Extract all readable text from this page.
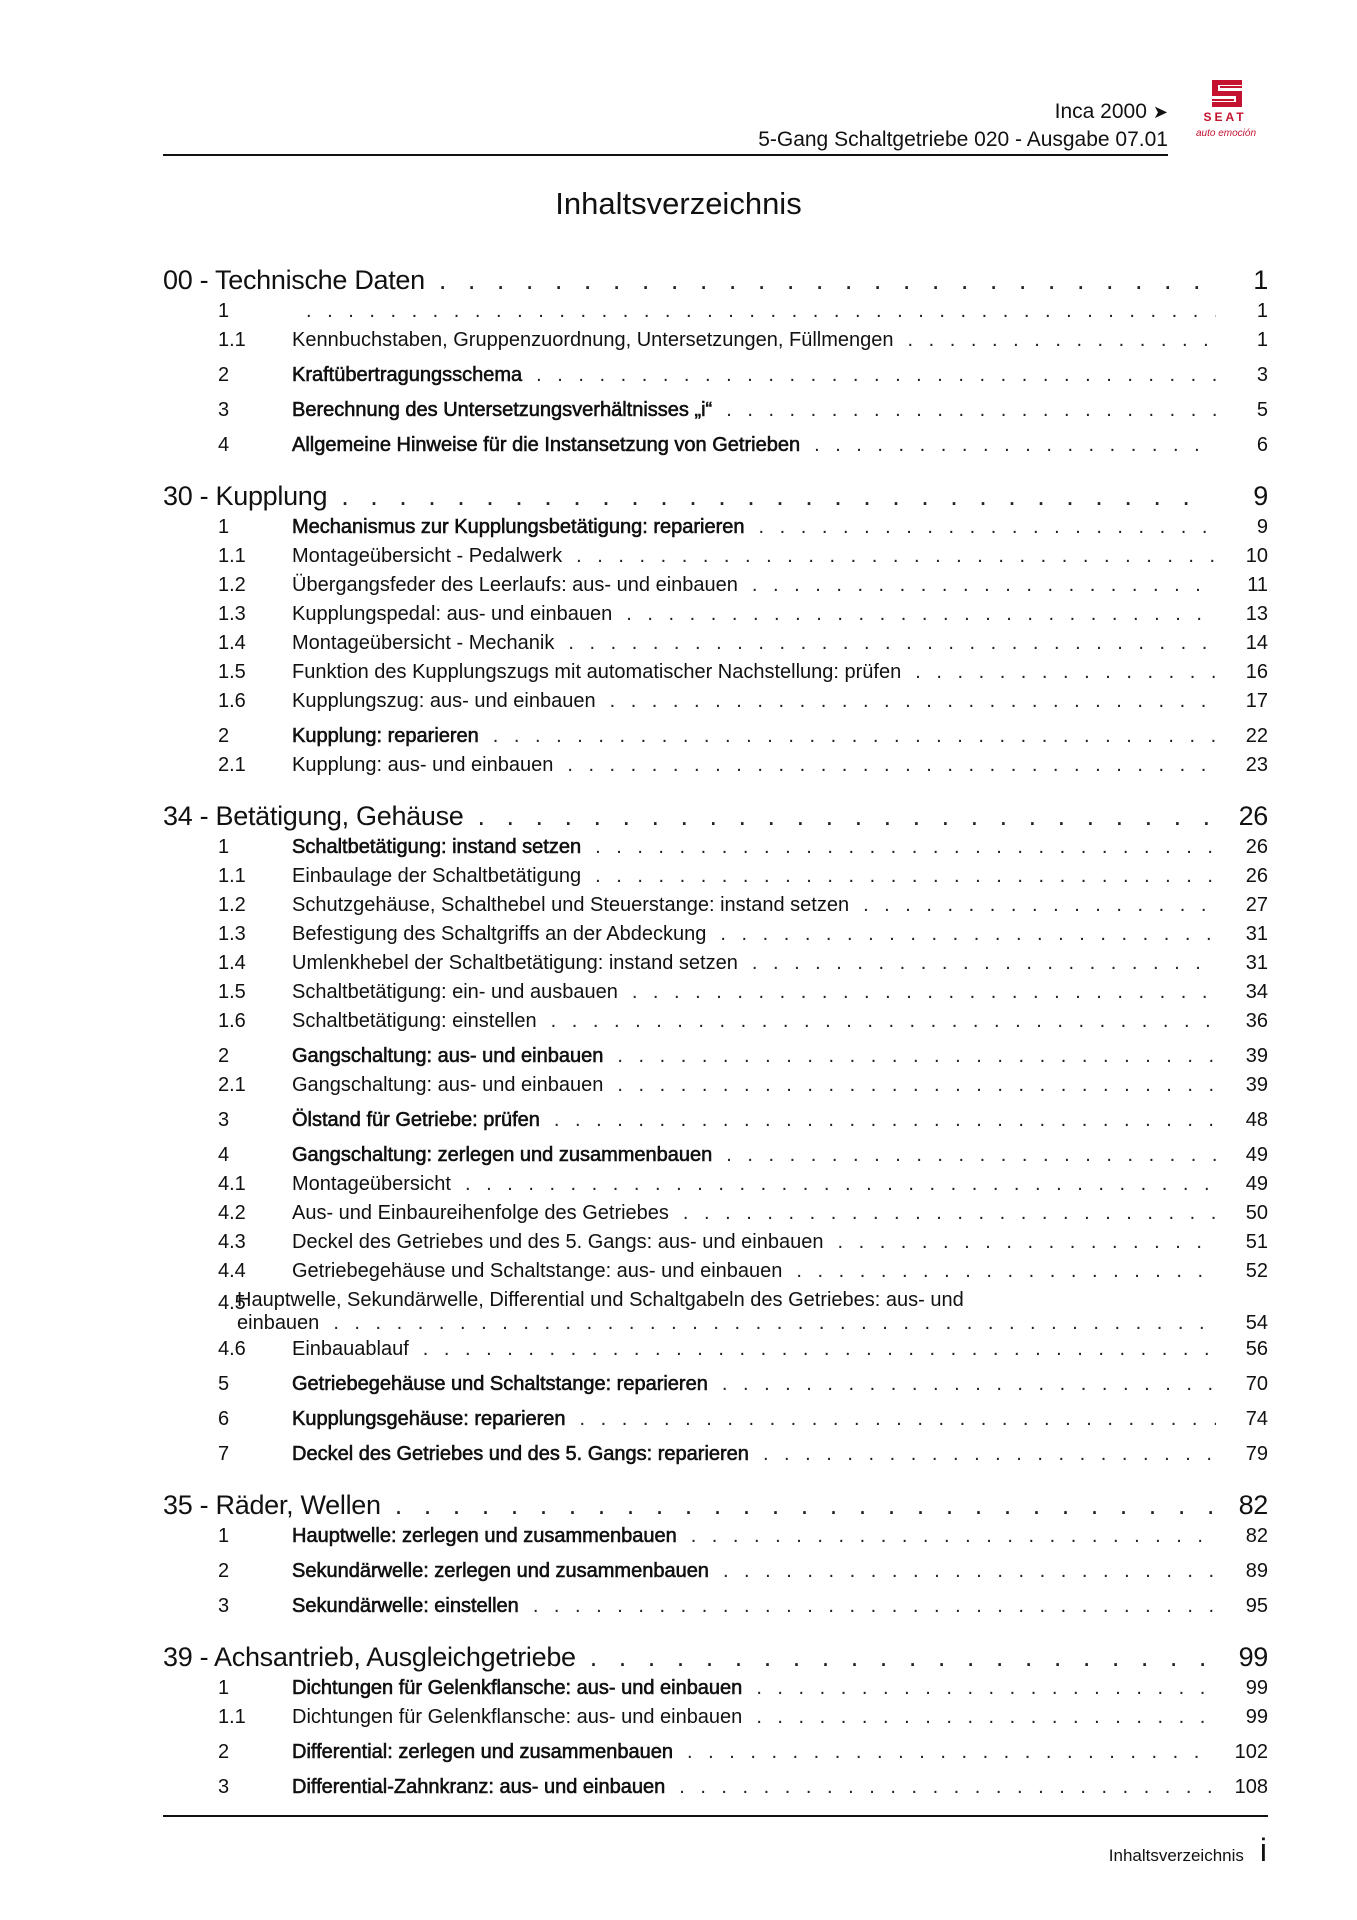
Inca 2000 ➤
5-Gang Schaltgetriebe 020 - Ausgabe 07.01
SEAT
auto emoción
Inhaltsverzeichnis
00 - Technische Daten . . .	1
1 . . .	1
1.1	Kennbuchstaben, Gruppenzuordnung, Untersetzungen, Füllmengen . . .	1
2	Kraftübertragungsschema . . .	3
3	Berechnung des Untersetzungsverhältnisses „i“ . . .	5
4	Allgemeine Hinweise für die Instansetzung von Getrieben . . .	6
30 - Kupplung . . .	9
1	Mechanismus zur Kupplungsbetätigung: reparieren . . .	9
1.1	Montageübersicht - Pedalwerk . . .	10
1.2	Übergangsfeder des Leerlaufs: aus- und einbauen . . .	11
1.3	Kupplungspedal: aus- und einbauen . . .	13
1.4	Montageübersicht - Mechanik . . .	14
1.5	Funktion des Kupplungszugs mit automatischer Nachstellung: prüfen . . .	16
1.6	Kupplungszug: aus- und einbauen . . .	17
2	Kupplung: reparieren . . .	22
2.1	Kupplung: aus- und einbauen . . .	23
34 - Betätigung, Gehäuse . . .	26
1	Schaltbetätigung: instand setzen . . .	26
1.1	Einbaulage der Schaltbetätigung . . .	26
1.2	Schutzgehäuse, Schalthebel und Steuerstange: instand setzen . . .	27
1.3	Befestigung des Schaltgriffs an der Abdeckung . . .	31
1.4	Umlenkhebel der Schaltbetätigung: instand setzen . . .	31
1.5	Schaltbetätigung: ein- und ausbauen . . .	34
1.6	Schaltbetätigung: einstellen . . .	36
2	Gangschaltung: aus- und einbauen . . .	39
2.1	Gangschaltung: aus- und einbauen . . .	39
3	Ölstand für Getriebe: prüfen . . .	48
4	Gangschaltung: zerlegen und zusammenbauen . . .	49
4.1	Montageübersicht . . .	49
4.2	Aus- und Einbaureihenfolge des Getriebes . . .	50
4.3	Deckel des Getriebes und des 5. Gangs: aus- und einbauen . . .	51
4.4	Getriebegehäuse und Schaltstange: aus- und einbauen . . .	52
4.5
Hauptwelle, Sekundärwelle, Differential und Schaltgabeln des Getriebes: aus- und
einbauen . . .	54
4.6	Einbauablauf . . .	56
5	Getriebegehäuse und Schaltstange: reparieren . . .	70
6	Kupplungsgehäuse: reparieren . . .	74
7	Deckel des Getriebes und des 5. Gangs: reparieren . . .	79
35 - Räder, Wellen . . .	82
1	Hauptwelle: zerlegen und zusammenbauen . . .	82
2	Sekundärwelle: zerlegen und zusammenbauen . . .	89
3	Sekundärwelle: einstellen . . .	95
39 - Achsantrieb, Ausgleichgetriebe . . .	99
1	Dichtungen für Gelenkflansche: aus- und einbauen . . .	99
1.1	Dichtungen für Gelenkflansche: aus- und einbauen . . .	99
2	Differential: zerlegen und zusammenbauen . . .	102
3	Differential-Zahnkranz: aus- und einbauen . . .	108
Inhaltsverzeichnis i
